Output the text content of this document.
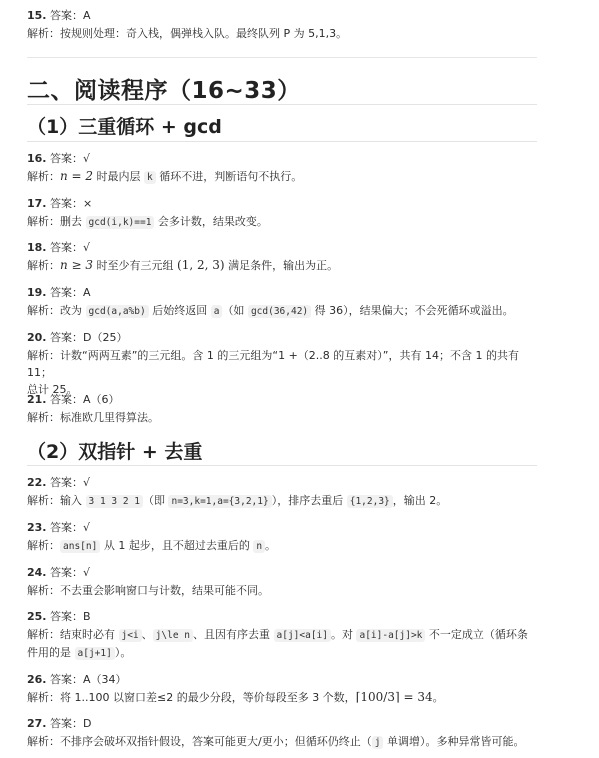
15. 答案：A
解析：按规则处理：奇入栈，偶弹栈入队。最终队列 P 为 5,1,3。
二、阅读程序（16~33）
（1）三重循环 + gcd
16. 答案：√
解析：n = 2 时最内层 k 循环不进，判断语句不执行。
17. 答案：×
解析：删去 gcd(i,k)==1 会多计数，结果改变。
18. 答案：√
解析：n ≥ 3 时至少有三元组 (1, 2, 3) 满足条件，输出为正。
19. 答案：A
解析：改为 gcd(a,a%b) 后始终返回 a （如 gcd(36,42) 得 36），结果偏大；不会死循环或溢出。
20. 答案：D（25）
解析：计数“两两互素”的三元组。含 1 的三元组为“1 +（2..8 的互素对）”，共有 14；不含 1 的共有 11；
总计 25。
21. 答案：A（6）
解析：标准欧几里得算法。
（2）双指针 + 去重
22. 答案：√
解析：输入 3 1 3 2 1 （即 n=3,k=1,a={3,2,1} ），排序去重后 {1,2,3} ，输出 2。
23. 答案：√
解析： ans[n] 从 1 起步，且不超过去重后的 n 。
24. 答案：√
解析：不去重会影响窗口与计数，结果可能不同。
25. 答案：B
解析：结束时必有 j<i 、 j\le n 、且因有序去重 a[j]<a[i] 。对 a[i]-a[j]>k 不一定成立（循环条
件用的是 a[j+1] ）。
26. 答案：A（34）
解析：将 1..100 以窗口差≤2 的最少分段，等价每段至多 3 个数，⌈100/3⌉ = 34。
27. 答案：D
解析：不排序会破坏双指针假设，答案可能更大/更小；但循环仍终止（ j 单调增）。多种异常皆可能。
